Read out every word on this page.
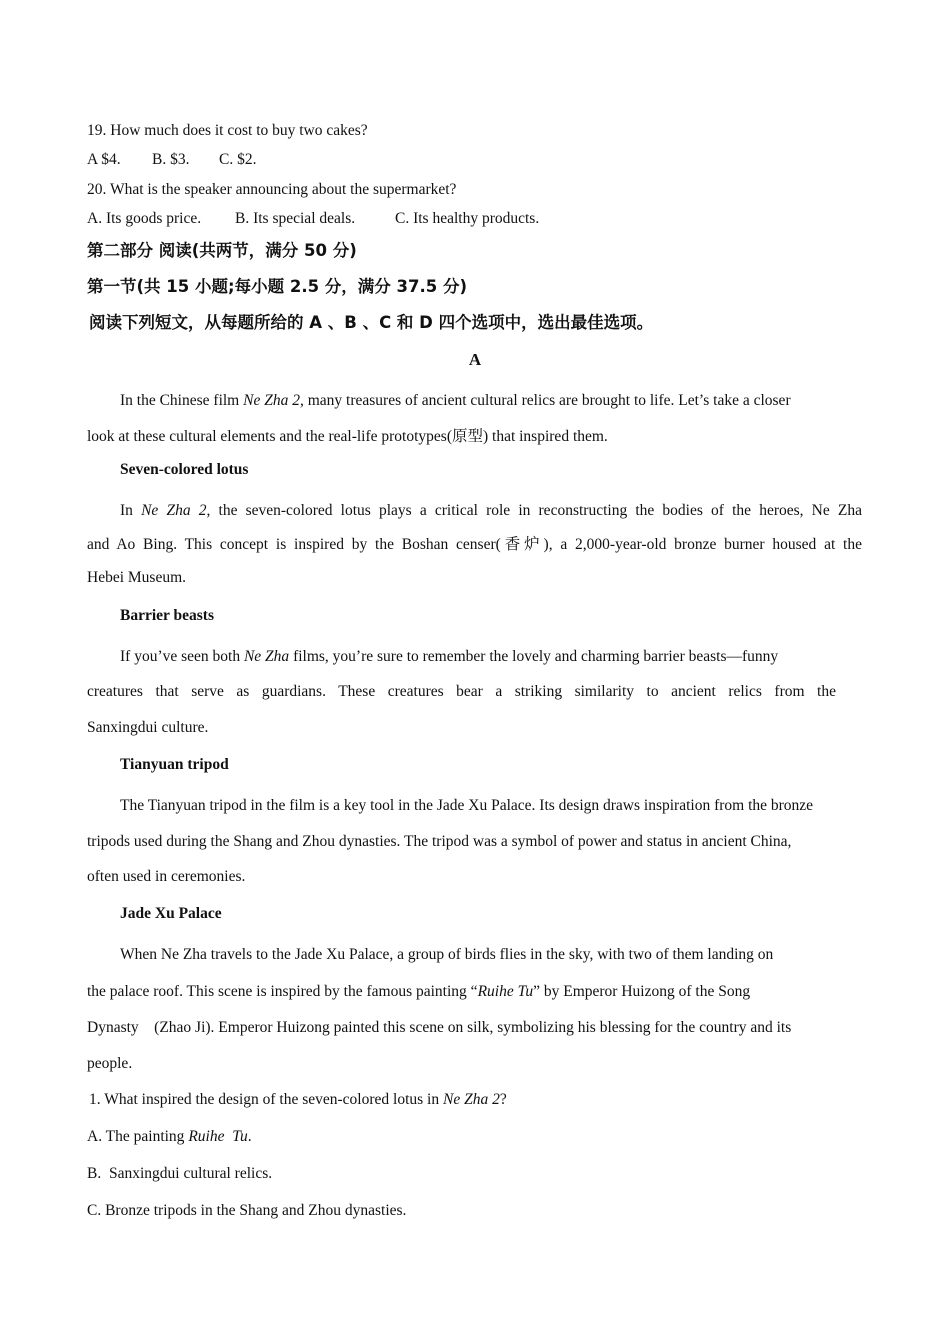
19. How much does it cost to buy two cakes?
A $4. B. $3. C. $2.
20. What is the speaker announcing about the supermarket?
A. Its goods price. B. Its special deals.	C. Its healthy products.
第二部分 阅读(共两节，满分 50 分)
第一节(共 15 小题;每小题 2.5 分，满分 37.5 分)
阅读下列短文，从每题所给的 A 、B 、C 和 D 四个选项中，选出最佳选项。
A
In the Chinese film Ne Zha 2, many treasures of ancient cultural relics are brought to life. Let’s take a closer
look at these cultural elements and the real-life prototypes(原型) that inspired them.
Seven-colored lotus
In Ne Zha 2, the seven-colored lotus plays a critical role in reconstructing the bodies of the heroes, Ne Zha
and Ao Bing. This concept is inspired by the Boshan censer(香炉), a 2,000-year-old bronze burner housed at the
Hebei Museum.
Barrier beasts
If you’ve seen both Ne Zha films, you’re sure to remember the lovely and charming barrier beasts—funny
creatures that serve as guardians. These creatures bear a striking similarity to ancient relics from the
Sanxingdui culture.
Tianyuan tripod
The Tianyuan tripod in the film is a key tool in the Jade Xu Palace. Its design draws inspiration from the bronze
tripods used during the Shang and Zhou dynasties. The tripod was a symbol of power and status in ancient China,
often used in ceremonies.
Jade Xu Palace
When Ne Zha travels to the Jade Xu Palace, a group of birds flies in the sky, with two of them landing on
the palace roof. This scene is inspired by the famous painting “Ruihe Tu” by Emperor Huizong of the Song
Dynasty    (Zhao Ji). Emperor Huizong painted this scene on silk, symbolizing his blessing for the country and its
people.
1. What inspired the design of the seven-colored lotus in Ne Zha 2?
A. The painting Ruihe  Tu.
B.  Sanxingdui cultural relics.
C. Bronze tripods in the Shang and Zhou dynasties.
